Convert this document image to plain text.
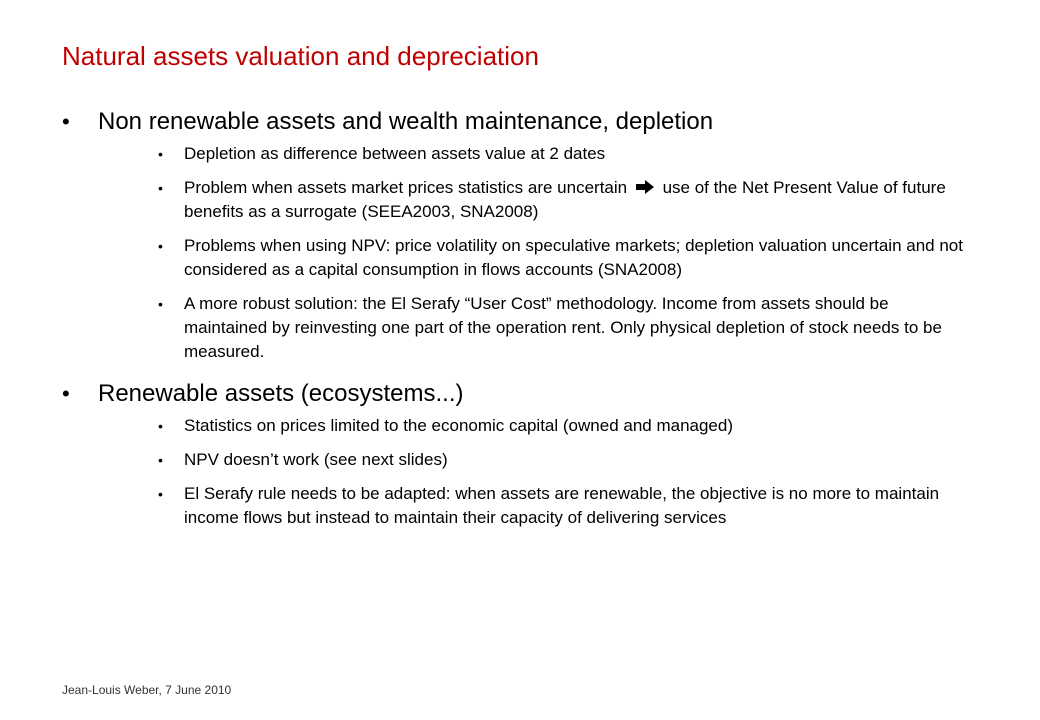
Natural assets valuation and depreciation
• Non renewable assets and wealth maintenance, depletion
• Depletion as difference between assets value at 2 dates
• Problem when assets market prices statistics are uncertain use of the Net Present Value of future benefits as a surrogate (SEEA2003, SNA2008)
• Problems when using NPV: price volatility on speculative markets; depletion valuation uncertain and not considered as a capital consumption in flows accounts (SNA2008)
• A more robust solution: the El Serafy “User Cost” methodology. Income from assets should be maintained by reinvesting one part of the operation rent. Only physical depletion of stock needs to be measured.
• Renewable assets (ecosystems...)
• Statistics on prices limited to the economic capital (owned and managed)
• NPV doesn’t work (see next slides)
• El Serafy rule needs to be adapted: when assets are renewable, the objective is no more to maintain income flows but instead to maintain their capacity of delivering services
Jean-Louis Weber, 7 June 2010
